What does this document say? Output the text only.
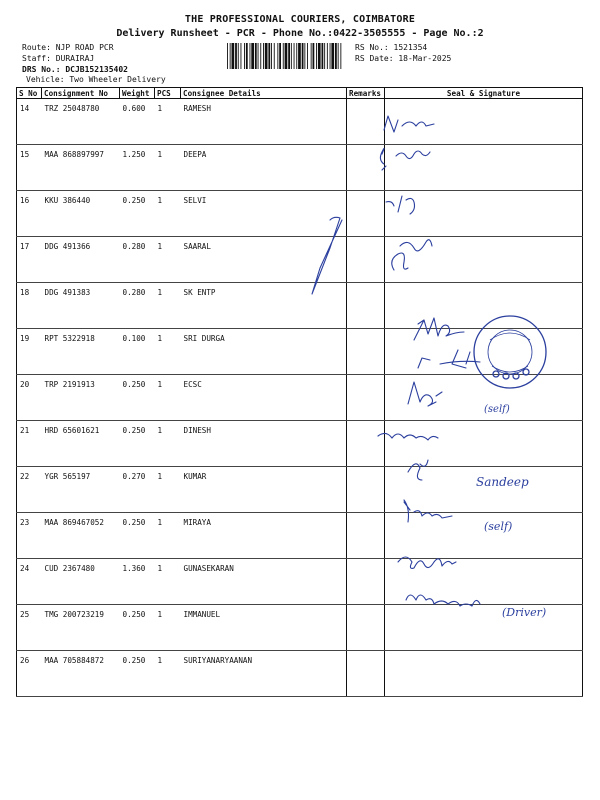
THE PROFESSIONAL COURIERS, COIMBATORE
Delivery Runsheet - PCR - Phone No.:0422-3505555 - Page No.:2
Route: NJP ROAD PCR
Staff: DURAIRAJ
DRS No.: DCJB152135402
Vehicle: Two Wheeler Delivery
RS No.: 1521354
RS Date: 18-Mar-2025
S No	Consignment No	Weight	PCS	Consignee Details	Remarks	Seal & Signature
14	TRZ 25048780	0.600	1	RAMESH		
15	MAA 868897997	1.250	1	DEEPA		
16	KKU 386440	0.250	1	SELVI		
17	DDG 491366	0.280	1	SAARAL		
18	DDG 491383	0.280	1	SK ENTP		
19	RPT 5322918	0.100	1	SRI DURGA		
20	TRP 2191913	0.250	1	ECSC		
21	HRD 65601621	0.250	1	DINESH		
22	YGR 565197	0.270	1	KUMAR		
23	MAA 869467052	0.250	1	MIRAYA		
24	CUD 2367480	1.360	1	GUNASEKARAN		
25	TMG 200723219	0.250	1	IMMANUEL		
26	MAA 705884872	0.250	1	SURIYANARYAANAN		
Sandeep
(self)
(self)
(Driver)
